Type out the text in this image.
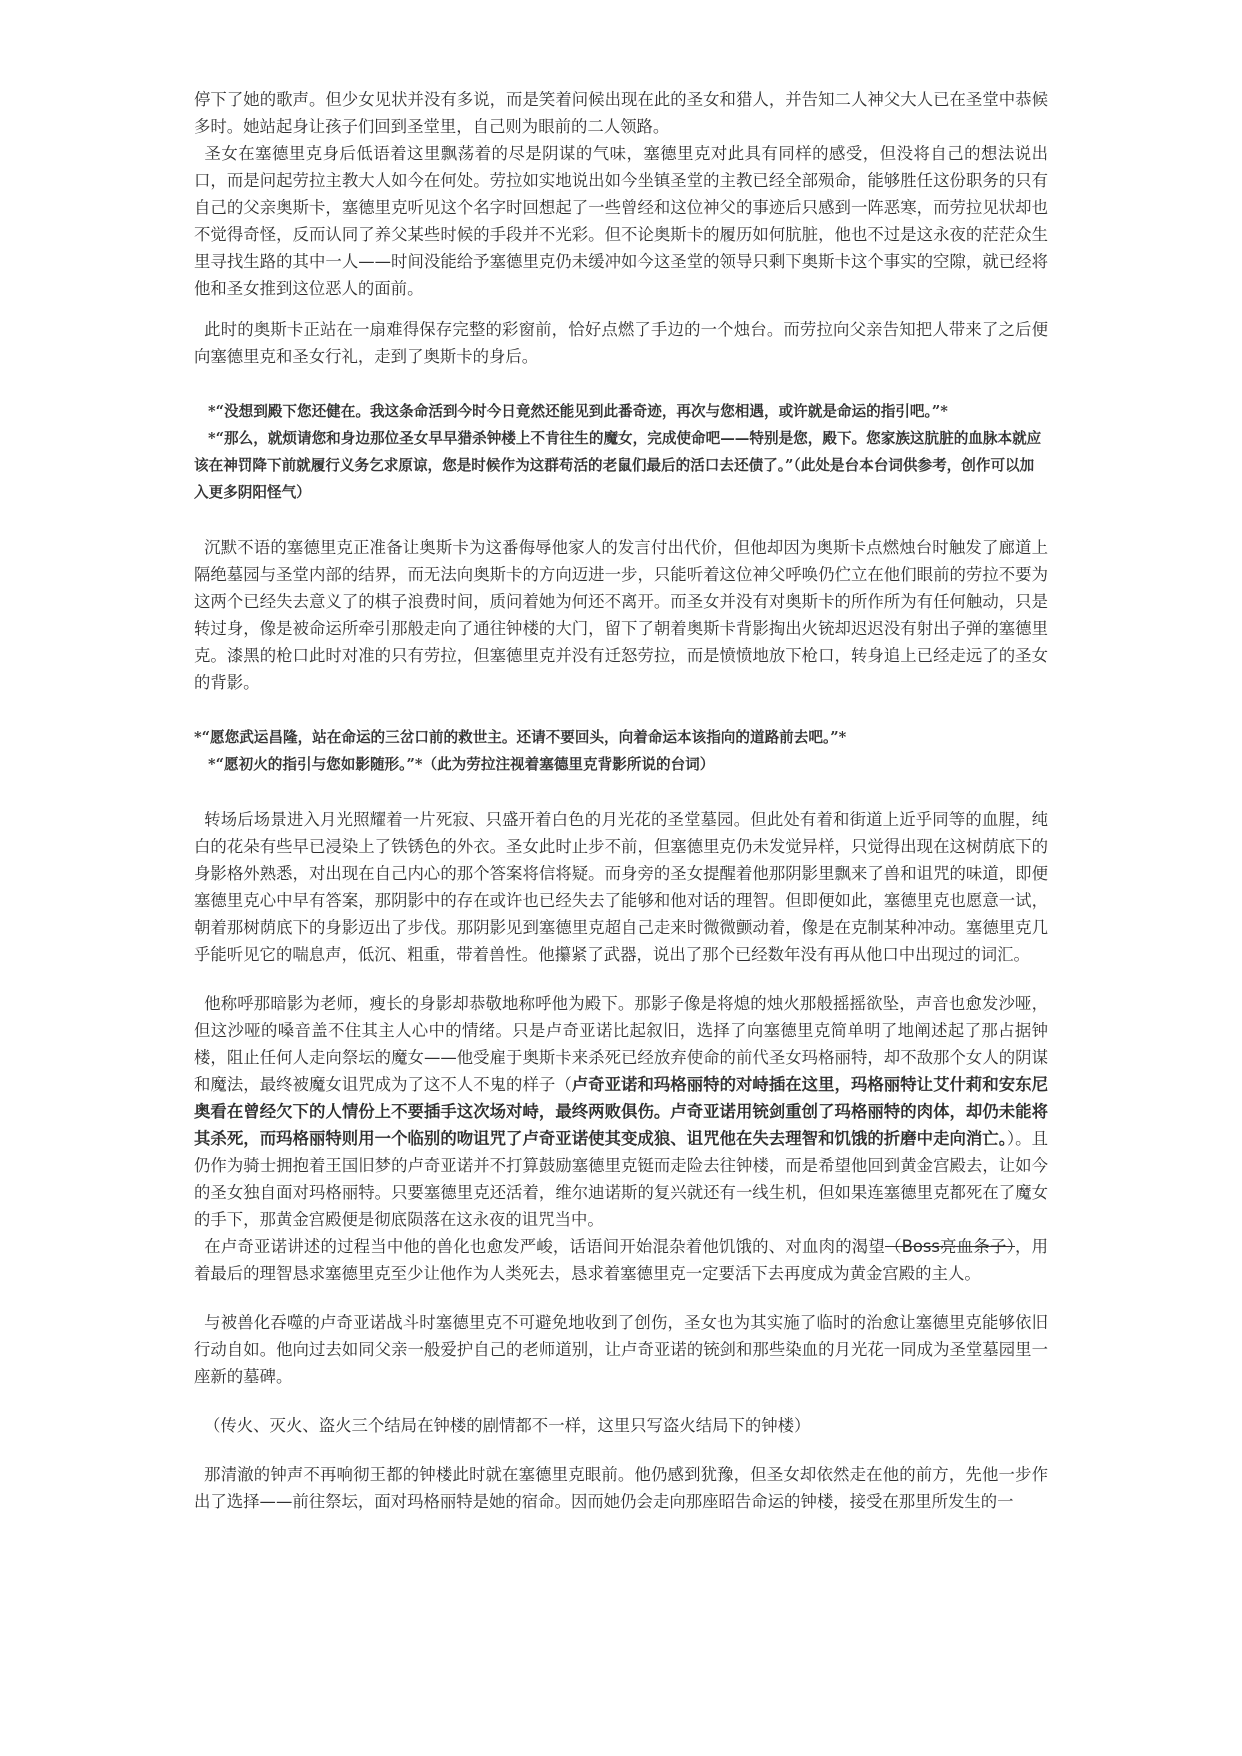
停下了她的歌声。但少女见状并没有多说，而是笑着问候出现在此的圣女和猎人，并告知二人神父大人已在圣堂中恭候多时。她站起身让孩子们回到圣堂里，自己则为眼前的二人领路。

圣女在塞德里克身后低语着这里飘荡着的尽是阴谋的气味，塞德里克对此具有同样的感受，但没将自己的想法说出口，而是问起劳拉主教大人如今在何处。劳拉如实地说出如今坐镇圣堂的主教已经全部殒命，能够胜任这份职务的只有自己的父亲奥斯卡，塞德里克听见这个名字时回想起了一些曾经和这位神父的事迹后只感到一阵恶寒，而劳拉见状却也不觉得奇怪，反而认同了养父某些时候的手段并不光彩。但不论奥斯卡的履历如何肮脏，他也不过是这永夜的茫茫众生里寻找生路的其中一人——时间没能给予塞德里克仍未缓冲如今这圣堂的领导只剩下奥斯卡这个事实的空隙，就已经将他和圣女推到这位恶人的面前。

此时的奥斯卡正站在一扇难得保存完整的彩窗前，恰好点燃了手边的一个烛台。而劳拉向父亲告知把人带来了之后便向塞德里克和圣女行礼，走到了奥斯卡的身后。

*“没想到殿下您还健在。我这条命活到今时今日竟然还能见到此番奇迹，再次与您相遇，或许就是命运的指引吧。”*

*“那么，就烦请您和身边那位圣女早早猎杀钟楼上不肯往生的魔女，完成使命吧——特别是您，殿下。您家族这肮脏的血脉本就应该在神罚降下前就履行义务乞求原谅，您是时候作为这群苟活的老鼠们最后的活口去还债了。”（此处是台本台词供参考，创作可以加入更多阴阳怪气）

沉默不语的塞德里克正准备让奥斯卡为这番侮辱他家人的发言付出代价，但他却因为奥斯卡点燃烛台时触发了廊道上隔绝墓园与圣堂内部的结界，而无法向奥斯卡的方向迈进一步，只能听着这位神父呼唤仍伫立在他们眼前的劳拉不要为这两个已经失去意义了的棋子浪费时间，质问着她为何还不离开。而圣女并没有对奥斯卡的所作所为有任何触动，只是转过身，像是被命运所牵引那般走向了通往钟楼的大门，留下了朝着奥斯卡背影掏出火铳却迟迟没有射出子弹的塞德里克。漆黑的枪口此时对准的只有劳拉，但塞德里克并没有迁怒劳拉，而是愤愤地放下枪口，转身追上已经走远了的圣女的背影。

*“愿您武运昌隆，站在命运的三岔口前的救世主。还请不要回头，向着命运本该指向的道路前去吧。”*

*“愿初火的指引与您如影随形。”*（此为劳拉注视着塞德里克背影所说的台词）

转场后场景进入月光照耀着一片死寂、只盛开着白色的月光花的圣堂墓园。但此处有着和街道上近乎同等的血腥，纯白的花朵有些早已浸染上了铁锈色的外衣。圣女此时止步不前，但塞德里克仍未发觉异样，只觉得出现在这树荫底下的身影格外熟悉，对出现在自己内心的那个答案将信将疑。而身旁的圣女提醒着他那阴影里飘来了兽和诅咒的味道，即便塞德里克心中早有答案，那阴影中的存在或许也已经失去了能够和他对话的理智。但即便如此，塞德里克也愿意一试，朝着那树荫底下的身影迈出了步伐。那阴影见到塞德里克超自己走来时微微颤动着，像是在克制某种冲动。塞德里克几乎能听见它的喘息声，低沉、粗重，带着兽性。他攥紧了武器，说出了那个已经数年没有再从他口中出现过的词汇。

他称呼那暗影为老师，瘦长的身影却恭敬地称呼他为殿下。那影子像是将熄的烛火那般摇摇欲坠，声音也愈发沙哑，但这沙哑的嗓音盖不住其主人心中的情绪。只是卢奇亚诺比起叙旧，选择了向塞德里克简单明了地阐述起了那占据钟楼，阻止任何人走向祭坛的魔女——他受雇于奥斯卡来杀死已经放弃使命的前代圣女玛格丽特，却不敌那个女人的阴谋和魔法，最终被魔女诅咒成为了这不人不鬼的样子（卢奇亚诺和玛格丽特的对峙插在这里，玛格丽特让艾什莉和安东尼奥看在曾经欠下的人情份上不要插手这次场对峙，最终两败俱伤。卢奇亚诺用铳剑重创了玛格丽特的肉体，却仍未能将其杀死，而玛格丽特则用一个临别的吻诅咒了卢奇亚诺使其变成狼、诅咒他在失去理智和饥饿的折磨中走向消亡。）。且仍作为骑士拥抱着王国旧梦的卢奇亚诺并不打算鼓励塞德里克铤而走险去往钟楼，而是希望他回到黄金宫殿去，让如今的圣女独自面对玛格丽特。只要塞德里克还活着，维尔迪诺斯的复兴就还有一线生机，但如果连塞德里克都死在了魔女的手下，那黄金宫殿便是彻底陨落在这永夜的诅咒当中。

在卢奇亚诺讲述的过程当中他的兽化也愈发严峻，话语间开始混杂着他饥饿的、对血肉的渴望（Boss亮血条子），用着最后的理智恳求塞德里克至少让他作为人类死去，恳求着塞德里克一定要活下去再度成为黄金宫殿的主人。

与被兽化吞噬的卢奇亚诺战斗时塞德里克不可避免地收到了创伤，圣女也为其实施了临时的治愈让塞德里克能够依旧行动自如。他向过去如同父亲一般爱护自己的老师道别，让卢奇亚诺的铳剑和那些染血的月光花一同成为圣堂墓园里一座新的墓碑。

（传火、灭火、盗火三个结局在钟楼的剧情都不一样，这里只写盗火结局下的钟楼）

那清澈的钟声不再响彻王都的钟楼此时就在塞德里克眼前。他仍感到犹豫，但圣女却依然走在他的前方，先他一步作出了选择——前往祭坛，面对玛格丽特是她的宿命。因而她仍会走向那座昭告命运的钟楼，接受在那里所发生的一
